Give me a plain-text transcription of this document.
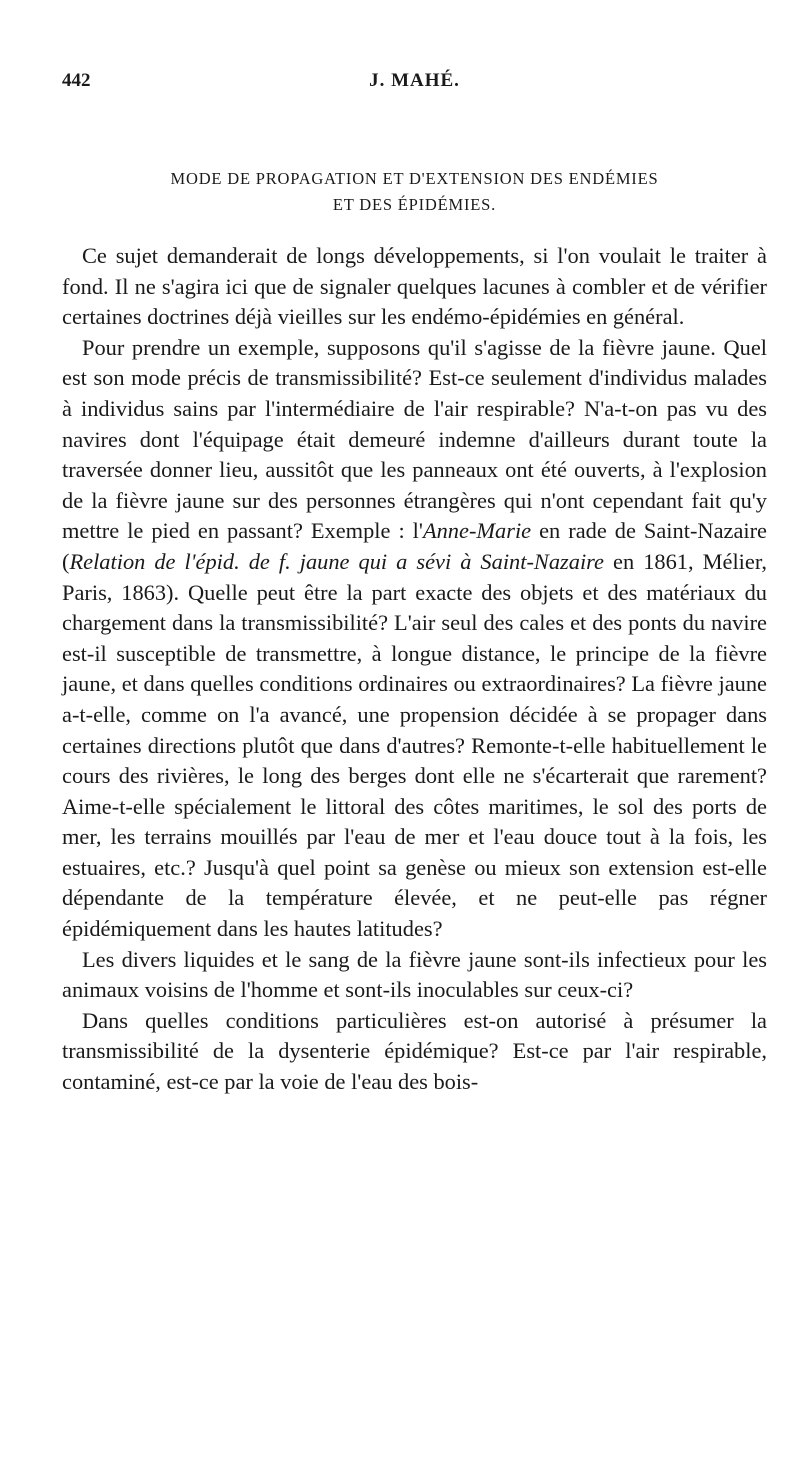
442	J. MAHÉ.
MODE DE PROPAGATION ET D'EXTENSION DES ENDÉMIES
ET DES ÉPIDÉMIES.

Ce sujet demanderait de longs développements, si l'on voulait le traiter à fond. Il ne s'agira ici que de signaler quelques lacunes à combler et de vérifier certaines doctrines déjà vieilles sur les endémo-épidémies en général.

Pour prendre un exemple, supposons qu'il s'agisse de la fièvre jaune. Quel est son mode précis de transmissibilité? Est-ce seulement d'individus malades à individus sains par l'intermédiaire de l'air respirable? N'a-t-on pas vu des navires dont l'équipage était demeuré indemne d'ailleurs durant toute la traversée donner lieu, aussitôt que les panneaux ont été ouverts, à l'explosion de la fièvre jaune sur des personnes étrangères qui n'ont cependant fait qu'y mettre le pied en passant? Exemple : l'Anne-Marie en rade de Saint-Nazaire (Relation de l'épid. de f. jaune qui a sévi à Saint-Nazaire en 1861, Mélier, Paris, 1863). Quelle peut être la part exacte des objets et des matériaux du chargement dans la transmissibilité? L'air seul des cales et des ponts du navire est-il susceptible de transmettre, à longue distance, le principe de la fièvre jaune, et dans quelles conditions ordinaires ou extraordinaires? La fièvre jaune a-t-elle, comme on l'a avancé, une propension décidée à se propager dans certaines directions plutôt que dans d'autres? Remonte-t-elle habituellement le cours des rivières, le long des berges dont elle ne s'écarterait que rarement? Aime-t-elle spécialement le littoral des côtes maritimes, le sol des ports de mer, les terrains mouillés par l'eau de mer et l'eau douce tout à la fois, les estuaires, etc.? Jusqu'à quel point sa genèse ou mieux son extension est-elle dépendante de la température élevée, et ne peut-elle pas régner épidémiquement dans les hautes latitudes?

Les divers liquides et le sang de la fièvre jaune sont-ils infectieux pour les animaux voisins de l'homme et sont-ils inoculables sur ceux-ci?

Dans quelles conditions particulières est-on autorisé à présumer la transmissibilité de la dysenterie épidémique? Est-ce par l'air respirable, contaminé, est-ce par la voie de l'eau des bois-
